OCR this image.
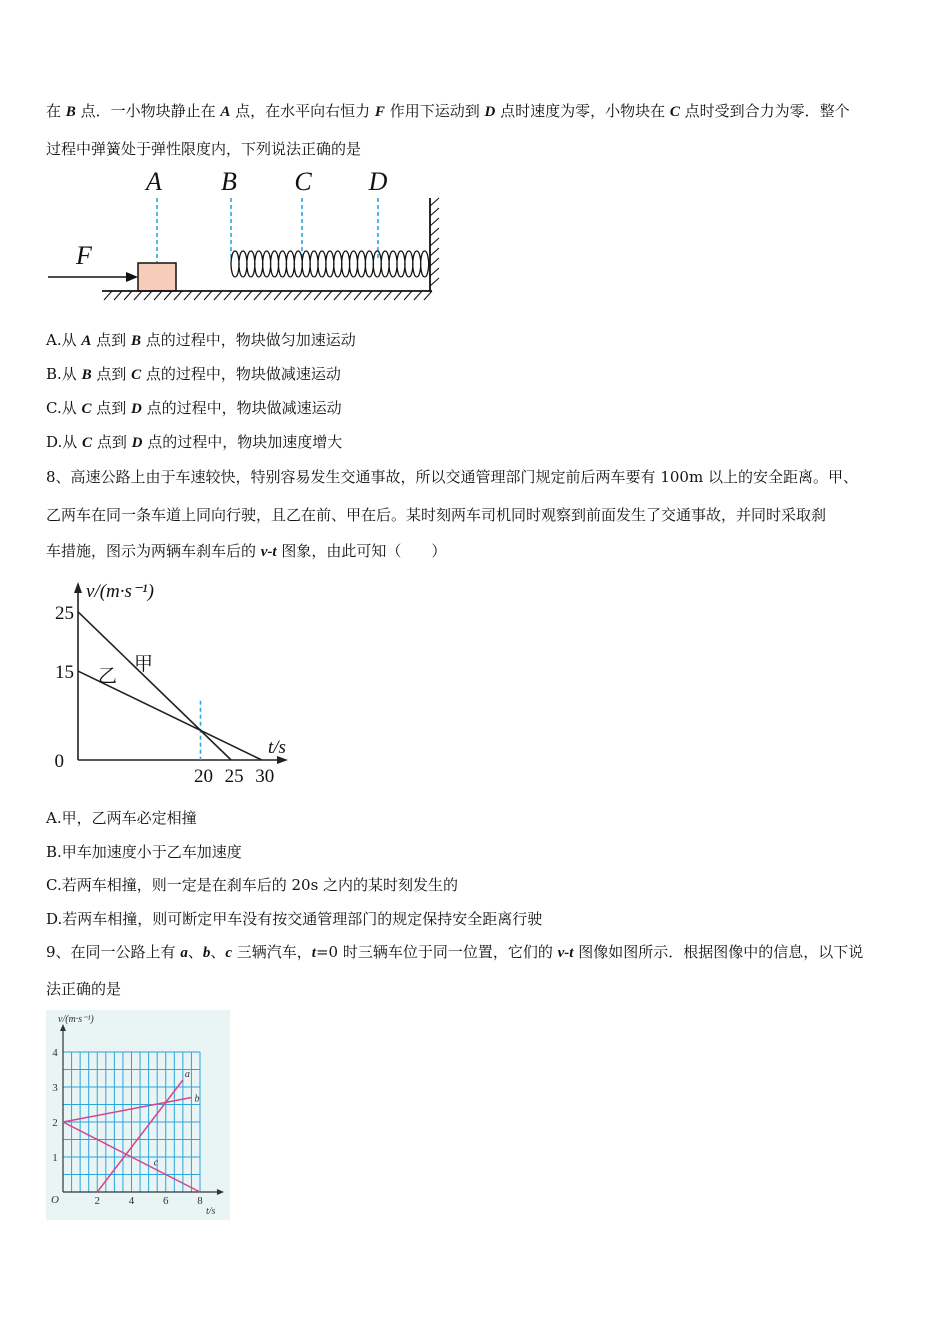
在 B 点．一小物块静止在 A 点，在水平向右恒力 F 作用下运动到 D 点时速度为零，小物块在 C 点时受到合力为零．整个
过程中弹簧处于弹性限度内，下列说法正确的是
A B C D
F
A.从 A 点到 B 点的过程中，物块做匀加速运动
B.从 B 点到 C 点的过程中，物块做减速运动
C.从 C 点到 D 点的过程中，物块做减速运动
D.从 C 点到 D 点的过程中，物块加速度增大
8、高速公路上由于车速较快，特别容易发生交通事故，所以交通管理部门规定前后两车要有 100m 以上的安全距离。甲、
乙两车在同一条车道上同向行驶，且乙在前、甲在后。某时刻两车司机同时观察到前面发生了交通事故，并同时采取刹
车措施，图示为两辆车刹车后的 v-t 图象，由此可知（　　）
v/(m·s⁻¹)
t/s
0
25
15
20 25 30
甲
乙
A.甲，乙两车必定相撞
B.甲车加速度小于乙车加速度
C.若两车相撞，则一定是在刹车后的 20s 之内的某时刻发生的
D.若两车相撞，则可断定甲车没有按交通管理部门的规定保持安全距离行驶
9、在同一公路上有 a、b、c 三辆汽车，t=0 时三辆车位于同一位置，它们的 v-t 图像如图所示．根据图像中的信息，以下说
法正确的是
v/(m·s⁻¹)
t/s
O
1
2
3
4
2	4	6	8
a
b
c
